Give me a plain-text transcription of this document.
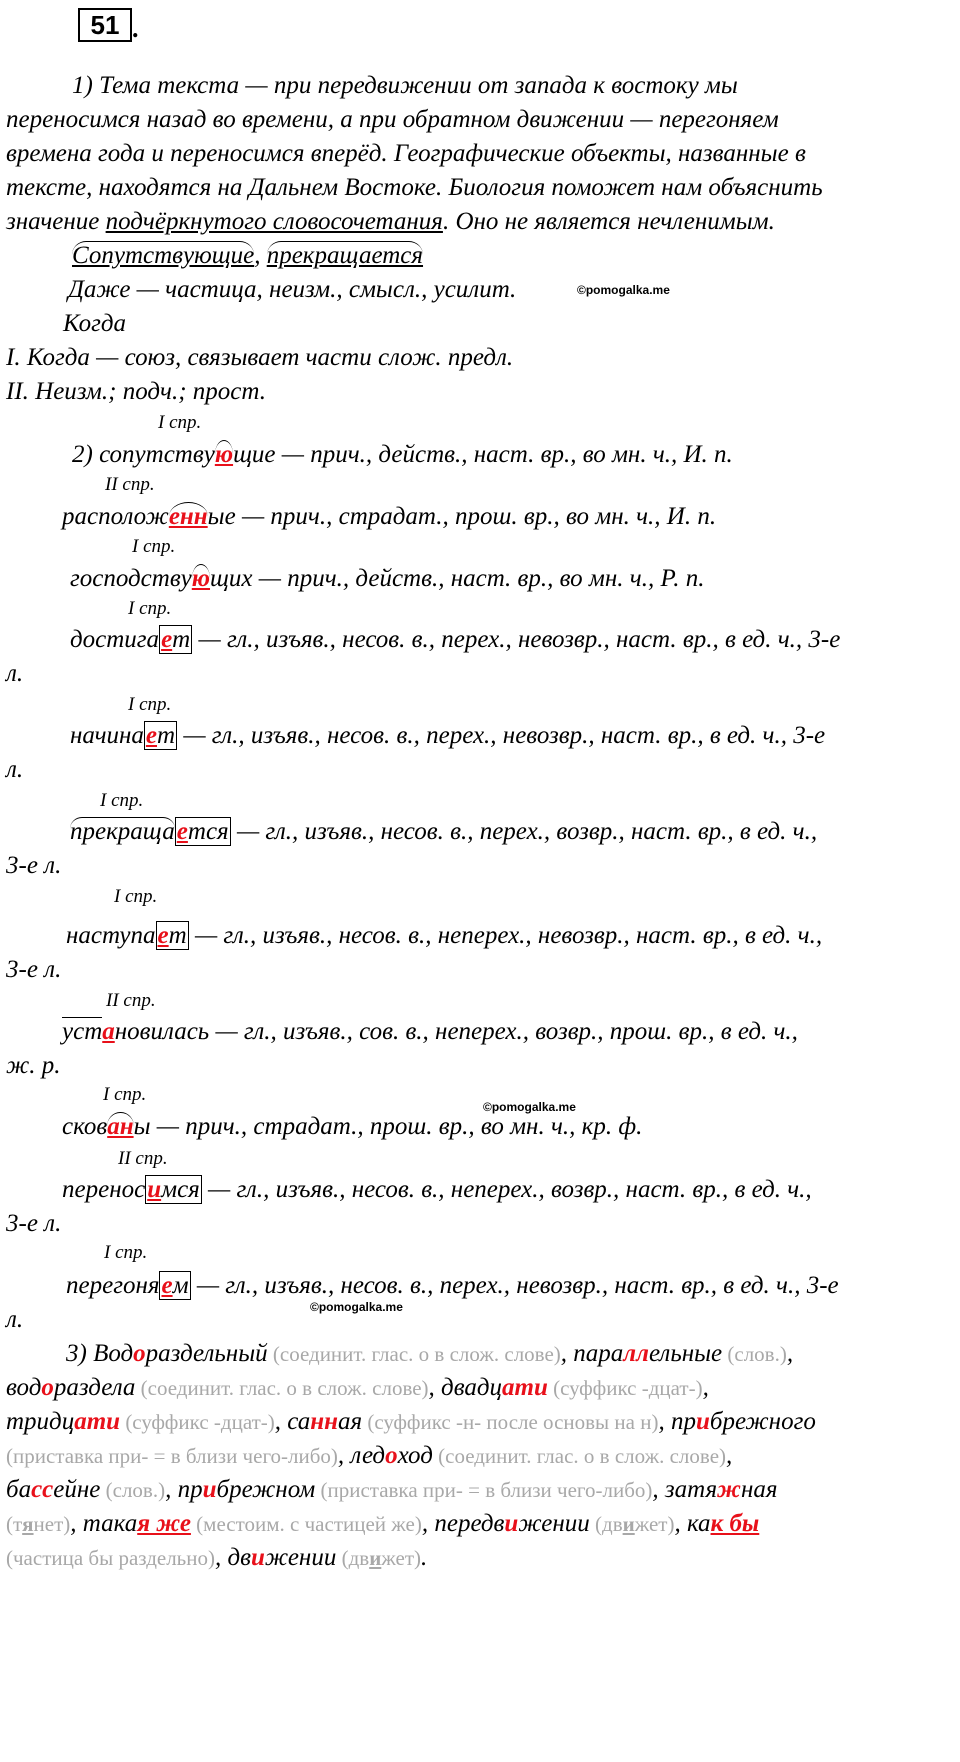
51 .
1) Тема текста — при передвижении от запада к востоку мы
переносимся назад во времени, а при обратном движении — перегоняем
времена года и переносимся вперёд. Географические объекты, названные в
тексте, находятся на Дальнем Востоке. Биология поможет нам объяснить
значение подчёркнутого словосочетания. Оно не является нечленимым.
Сопутствующие, прекращается
Даже — частица, неизм., смысл., усилит.	©pomogalka.me
Когда
I. Когда — союз, связывает части слож. предл.
II. Неизм.; подч.; прост.
I спр.
2) сопутствующие — прич., действ., наст. вр., во мн. ч., И. п.
II спр.
расположенные — прич., страдат., прош. вр., во мн. ч., И. п.
I спр.
господствующих — прич., действ., наст. вр., во мн. ч., Р. п.
I спр.
достигает — гл., изъяв., несов. в., перех., невозвр., наст. вр., в ед. ч., 3-е
л.
I спр.
начинает — гл., изъяв., несов. в., перех., невозвр., наст. вр., в ед. ч., 3-е
л.
I спр.
прекращается — гл., изъяв., несов. в., перех., возвр., наст. вр., в ед. ч.,
3-е л.
I спр.
наступает — гл., изъяв., несов. в., неперех., невозвр., наст. вр., в ед. ч.,
3-е л.
II спр.
установилась — гл., изъяв., сов. в., неперех., возвр., прош. вр., в ед. ч.,
ж. р.
I спр.
©pomogalka.me
скованы — прич., страдат., прош. вр., во мн. ч., кр. ф.
II спр.
переносимся — гл., изъяв., несов. в., неперех., возвр., наст. вр., в ед. ч.,
3-е л.
I спр.
перегоняем — гл., изъяв., несов. в., перех., невозвр., наст. вр., в ед. ч., 3-е
©pomogalka.me
л.
3) Водораздельный (соединит. глас. о в слож. слове), параллельные (слов.),
водораздела (соединит. глас. о в слож. слове), двадцати (суффикс -дцат-),
тридцати (суффикс -дцат-), санная (суффикс -н- после основы на н), прибрежного
(приставка при- = в близи чего-либо), ледоход (соединит. глас. о в слож. слове),
бассейне (слов.), прибрежном (приставка при- = в близи чего-либо), затяжная
(тянет), такая же (местоим. с частицей же), передвижении (движет), как бы
(частица бы раздельно), движении (движет).
